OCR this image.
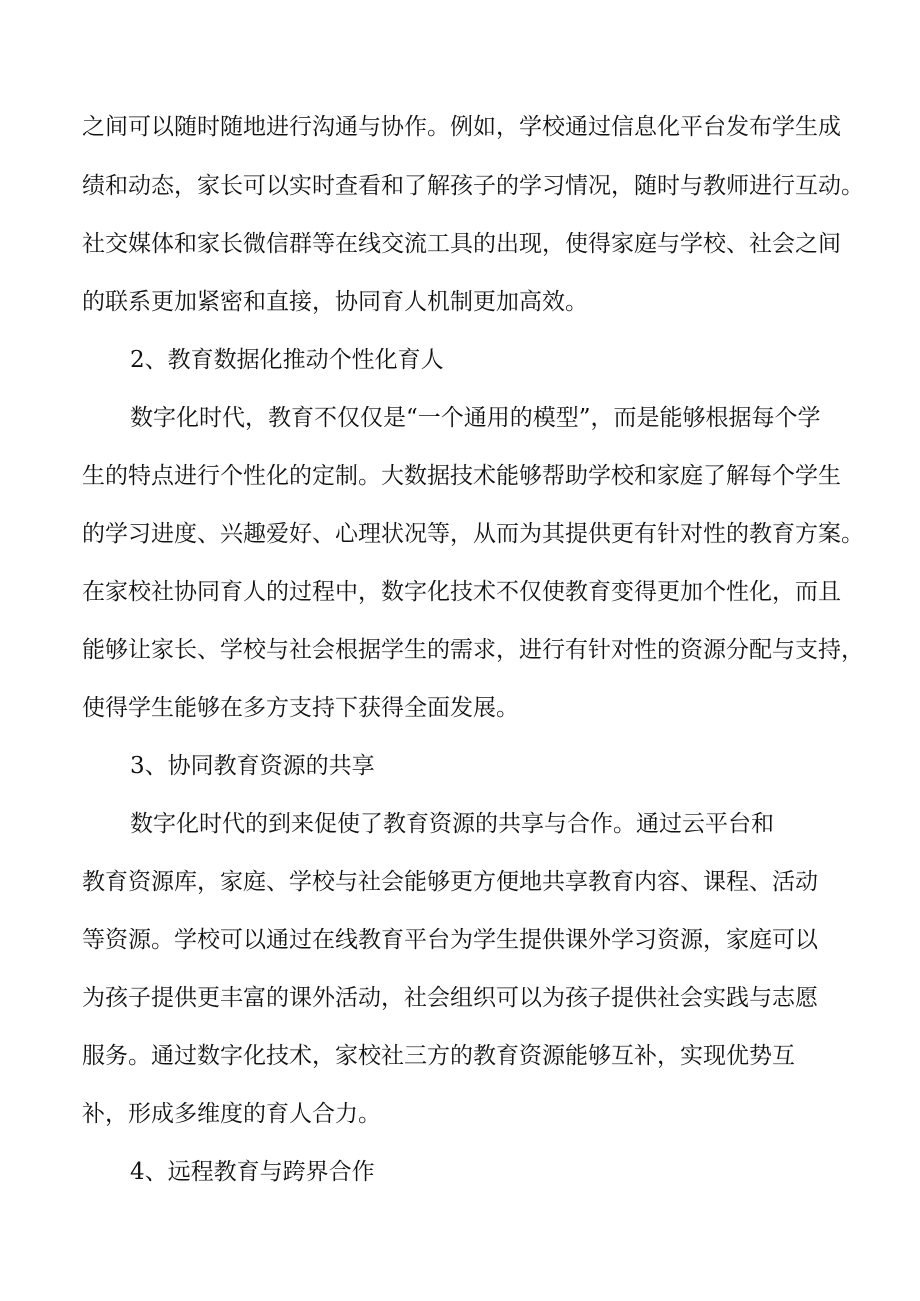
之间可以随时随地进行沟通与协作。例如，学校通过信息化平台发布学生成
绩和动态，家长可以实时查看和了解孩子的学习情况，随时与教师进行互动。
社交媒体和家长微信群等在线交流工具的出现，使得家庭与学校、社会之间
的联系更加紧密和直接，协同育人机制更加高效。
2、教育数据化推动个性化育人
数字化时代，教育不仅仅是“一个通用的模型”，而是能够根据每个学
生的特点进行个性化的定制。大数据技术能够帮助学校和家庭了解每个学生
的学习进度、兴趣爱好、心理状况等，从而为其提供更有针对性的教育方案。
在家校社协同育人的过程中，数字化技术不仅使教育变得更加个性化，而且
能够让家长、学校与社会根据学生的需求，进行有针对性的资源分配与支持，
使得学生能够在多方支持下获得全面发展。
3、协同教育资源的共享
数字化时代的到来促使了教育资源的共享与合作。通过云平台和
教育资源库，家庭、学校与社会能够更方便地共享教育内容、课程、活动
等资源。学校可以通过在线教育平台为学生提供课外学习资源，家庭可以
为孩子提供更丰富的课外活动，社会组织可以为孩子提供社会实践与志愿
服务。通过数字化技术，家校社三方的教育资源能够互补，实现优势互
补，形成多维度的育人合力。
4、远程教育与跨界合作
